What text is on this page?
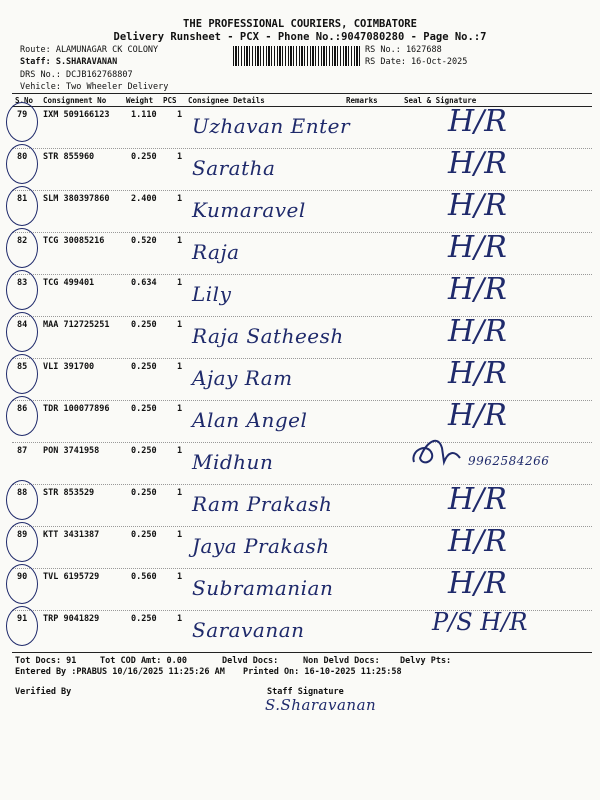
THE PROFESSIONAL COURIERS, COIMBATORE
Delivery Runsheet - PCX - Phone No.:9047080280 - Page No.:7
Route: ALAMUNAGAR CK COLONY
Staff: S.SHARAVANAN
DRS No.: DCJB162768807
Vehicle: Two Wheeler Delivery
RS No.: 1627688
RS Date: 16-Oct-2025
S.No Consignment No	Weight PCS Consignee Details	Remarks	Seal & Signature
79 IXM 509166123	1.110 1 Uzhavan Enter	H/R
80 STR 855960	0.250 1 Saratha	H/R
81 SLM 380397860	2.400 1 Kumaravel	H/R
82 TCG 30085216	0.520 1 Raja	H/R
83 TCG 499401	0.634 1 Lily	H/R
84 MAA 712725251	0.250 1 Raja Satheesh	H/R
85 VLI 391700	0.250 1 Ajay Ram	H/R
86 TDR 100077896	0.250 1 Alan Angel	H/R
87 PON 3741958	0.250 1 Midhun	9962584266
88 STR 853529	0.250 1 Ram Prakash	H/R
89 KTT 3431387	0.250 1 Jaya Prakash	H/R
90 TVL 6195729	0.560 1 Subramanian	H/R
91 TRP 9041829	0.250 1 Saravanan	P/S H/R
Tot Docs: 91	Tot COD Amt: 0.00	Delvd Docs:	Non Delvd Docs: Delvy Pts:
Entered By :PRABUS 10/16/2025 11:25:26 AM Printed On: 16-10-2025 11:25:58
Verified By	Staff Signature
S.Sharavanan
